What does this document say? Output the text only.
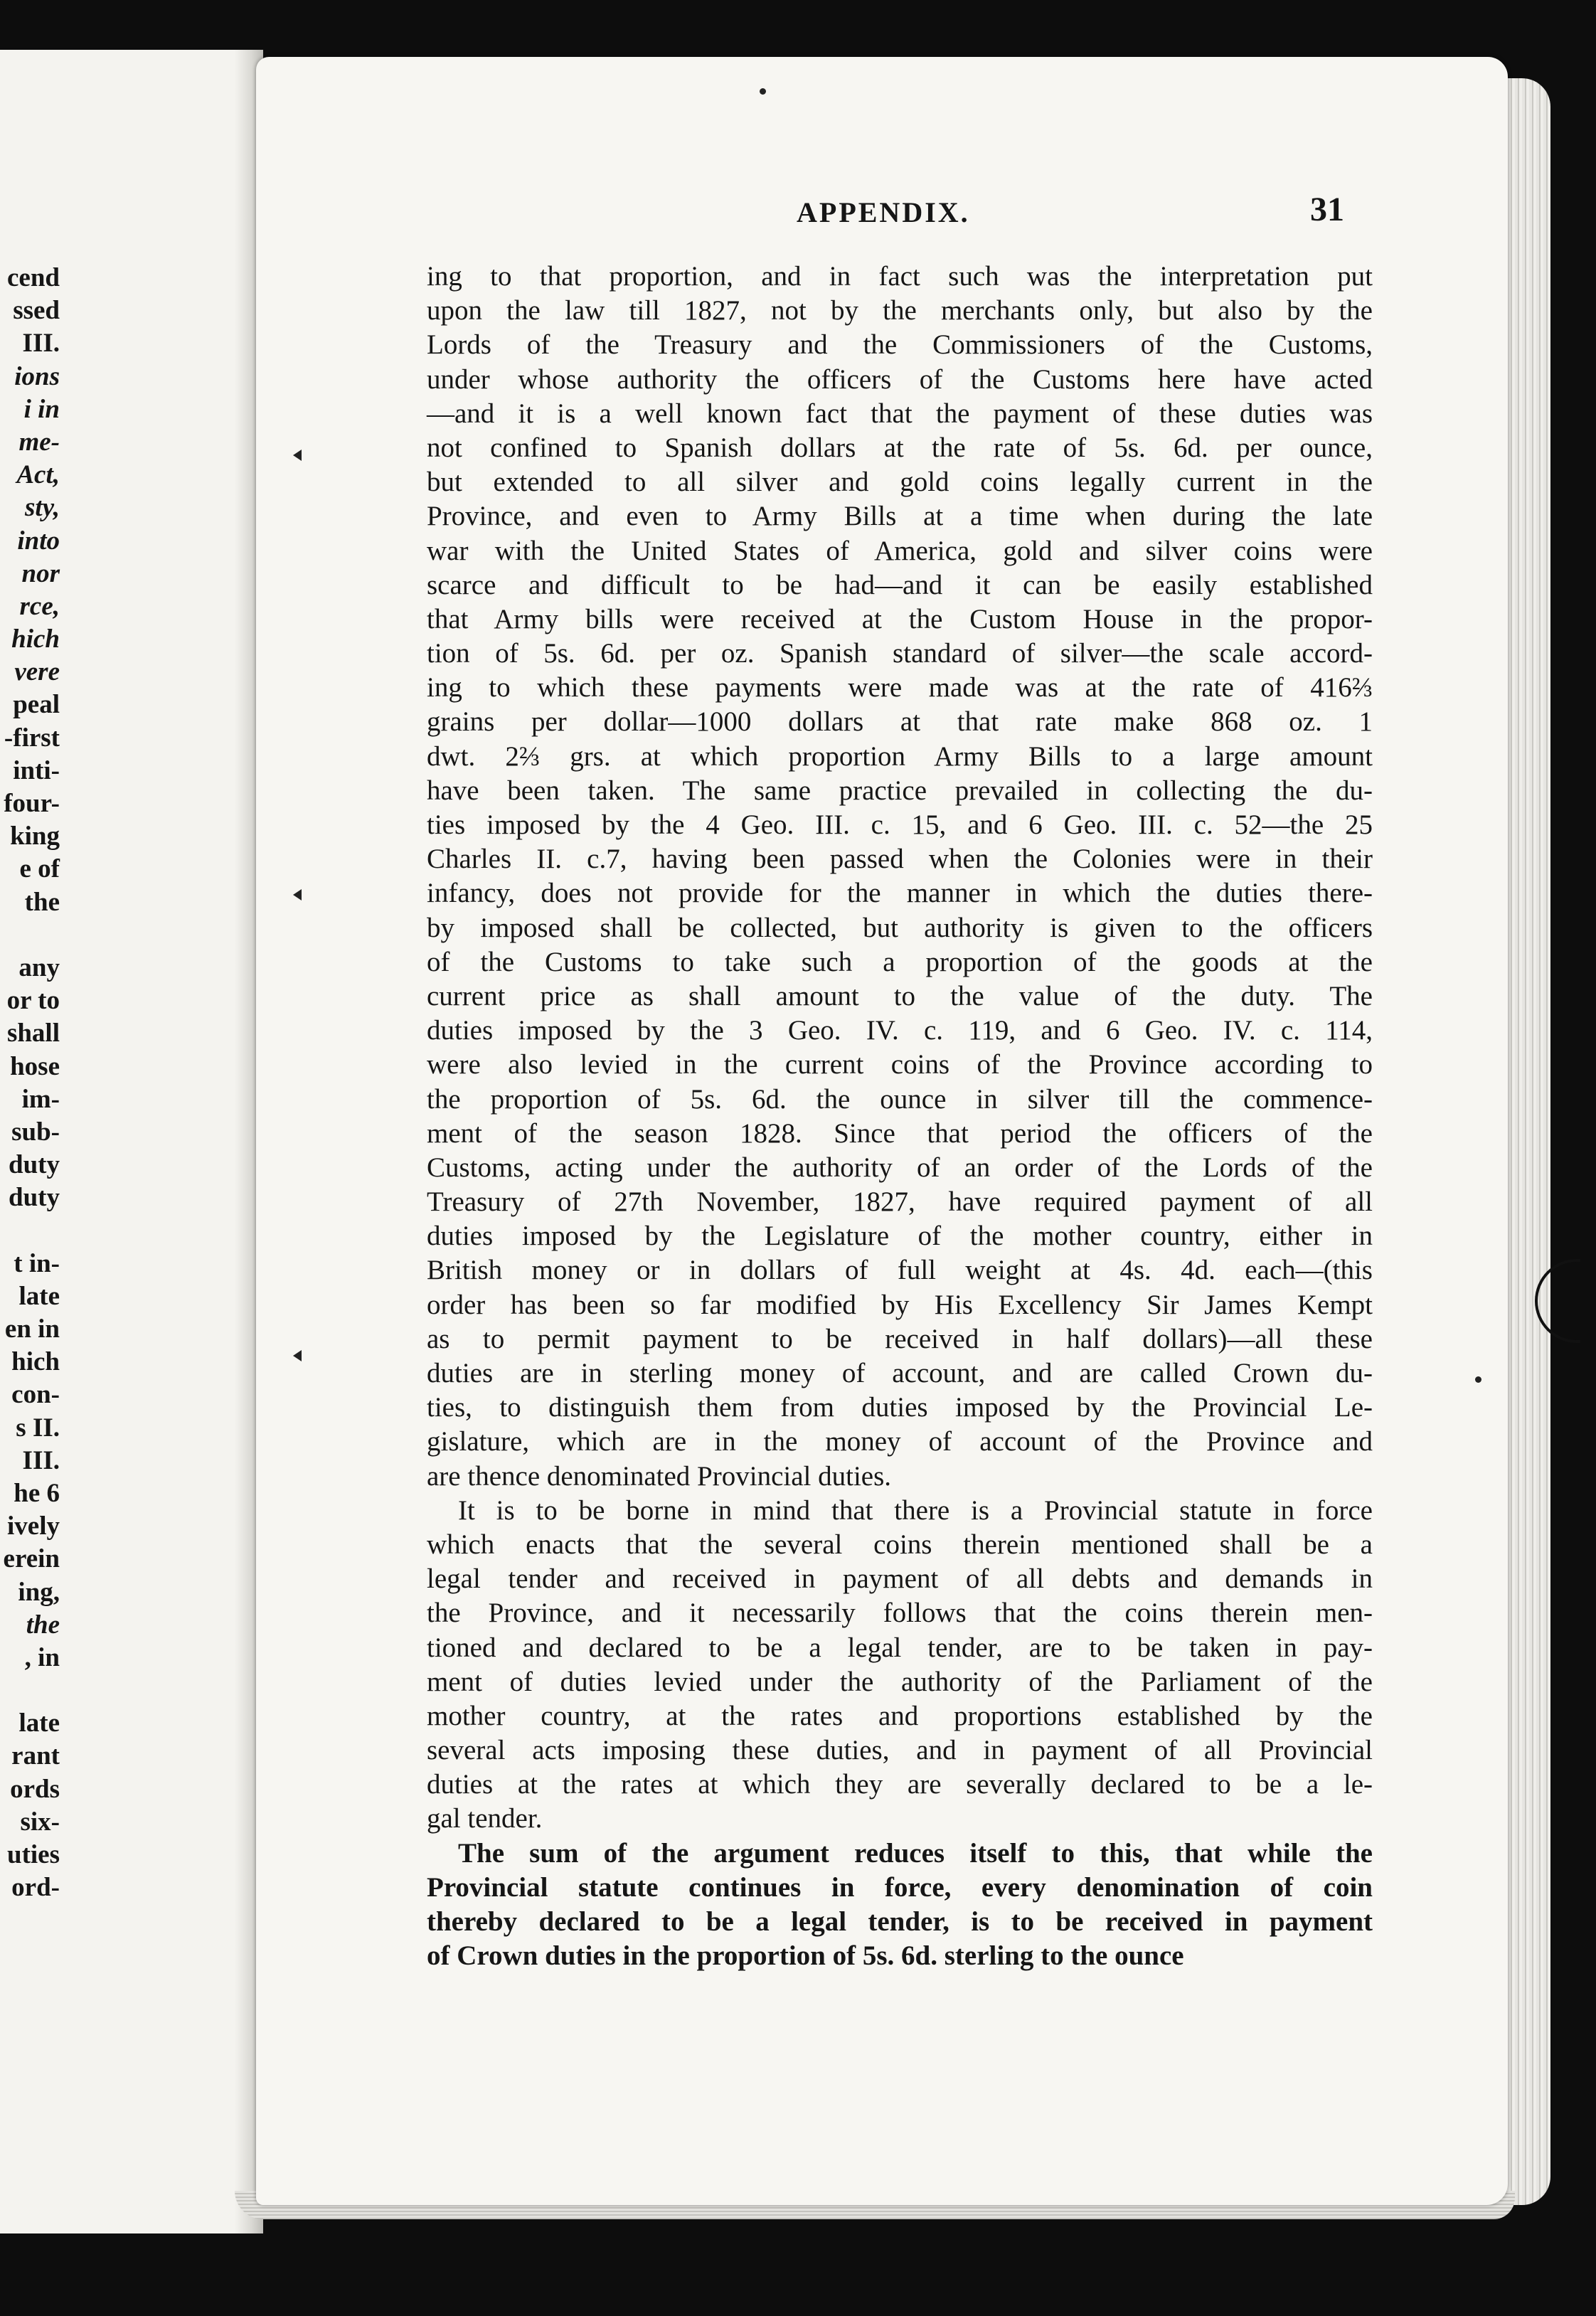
cend
ssed
III.
ions
i in
me-
Act,
sty,
into
nor
rce,
hich
vere
peal
-first
inti-
four-
king
e of
the
any
or to
shall
hose
im-
sub-
duty
duty
t in-
late
en in
hich
con-
s II.
III.
he 6
ively
erein
ing,
the
, in
late
rant
ords
six-
uties
ord-
APPENDIX.	31
ing to that proportion, and in fact such was the interpretation put
upon the law till 1827, not by the merchants only, but also by the
Lords of the Treasury and the Commissioners of the Customs,
under whose authority the officers of the Customs here have acted
—and it is a well known fact that the payment of these duties was
not confined to Spanish dollars at the rate of 5s. 6d. per ounce,
but extended to all silver and gold coins legally current in the
Province, and even to Army Bills at a time when during the late
war with the United States of America, gold and silver coins were
scarce and difficult to be had—and it can be easily established
that Army bills were received at the Custom House in the propor-
tion of 5s. 6d. per oz. Spanish standard of silver—the scale accord-
ing to which these payments were made was at the rate of 416⅔
grains per dollar—1000 dollars at that rate make 868 oz. 1
dwt. 2⅔ grs. at which proportion Army Bills to a large amount
have been taken. The same practice prevailed in collecting the du-
ties imposed by the 4 Geo. III. c. 15, and 6 Geo. III. c. 52—the 25
Charles II. c.7, having been passed when the Colonies were in their
infancy, does not provide for the manner in which the duties there-
by imposed shall be collected, but authority is given to the officers
of the Customs to take such a proportion of the goods at the
current price as shall amount to the value of the duty. The
duties imposed by the 3 Geo. IV. c. 119, and 6 Geo. IV. c. 114,
were also levied in the current coins of the Province according to
the proportion of 5s. 6d. the ounce in silver till the commence-
ment of the season 1828. Since that period the officers of the
Customs, acting under the authority of an order of the Lords of the
Treasury of 27th November, 1827, have required payment of all
duties imposed by the Legislature of the mother country, either in
British money or in dollars of full weight at 4s. 4d. each—(this
order has been so far modified by His Excellency Sir James Kempt
as to permit payment to be received in half dollars)—all these
duties are in sterling money of account, and are called Crown du-
ties, to distinguish them from duties imposed by the Provincial Le-
gislature, which are in the money of account of the Province and
are thence denominated Provincial duties.
It is to be borne in mind that there is a Provincial statute in force
which enacts that the several coins therein mentioned shall be a
legal tender and received in payment of all debts and demands in
the Province, and it necessarily follows that the coins therein men-
tioned and declared to be a legal tender, are to be taken in pay-
ment of duties levied under the authority of the Parliament of the
mother country, at the rates and proportions established by the
several acts imposing these duties, and in payment of all Provincial
duties at the rates at which they are severally declared to be a le-
gal tender.
The sum of the argument reduces itself to this, that while the
Provincial statute continues in force, every denomination of coin
thereby declared to be a legal tender, is to be received in payment
of Crown duties in the proportion of 5s. 6d. sterling to the ounce
